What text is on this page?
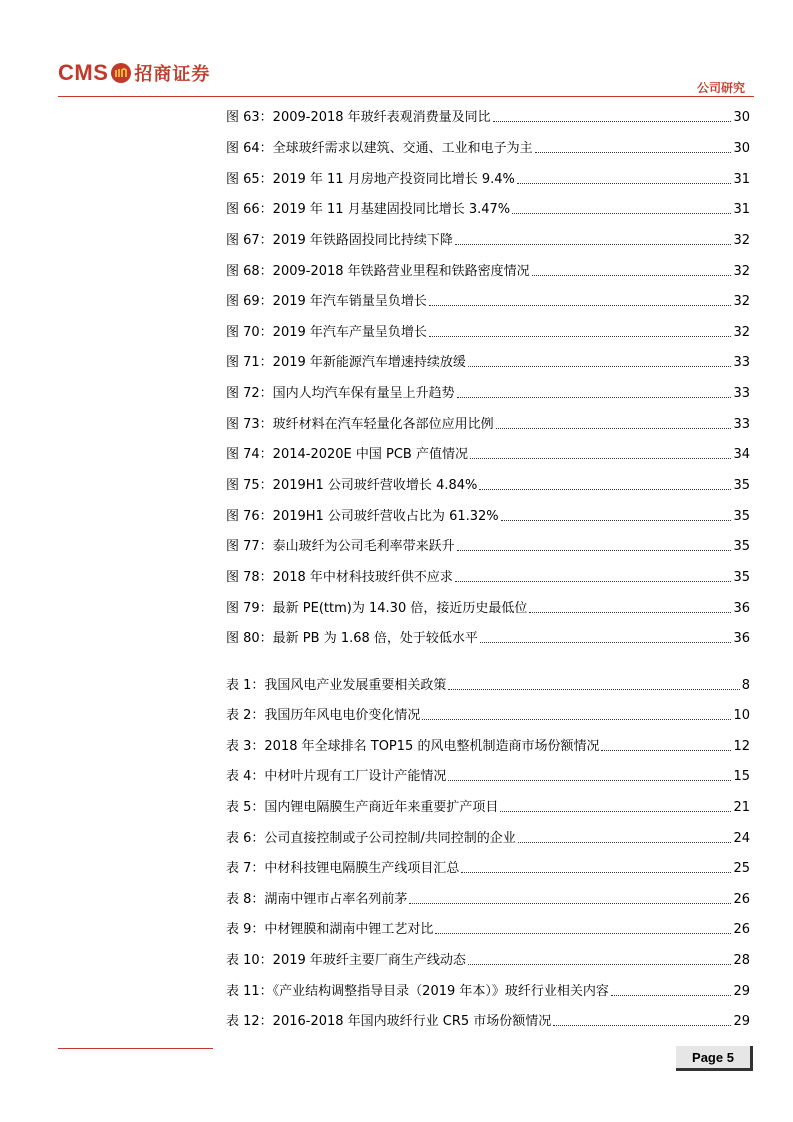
CMS 招商证券
公司研究
图 63：2009-2018 年玻纤表观消费量及同比	30
图 64：全球玻纤需求以建筑、交通、工业和电子为主	30
图 65：2019 年 11 月房地产投资同比增长 9.4%	31
图 66：2019 年 11 月基建固投同比增长 3.47%	31
图 67：2019 年铁路固投同比持续下降	32
图 68：2009-2018 年铁路营业里程和铁路密度情况	32
图 69：2019 年汽车销量呈负增长	32
图 70：2019 年汽车产量呈负增长	32
图 71：2019 年新能源汽车增速持续放缓	33
图 72：国内人均汽车保有量呈上升趋势	33
图 73：玻纤材料在汽车轻量化各部位应用比例	33
图 74：2014-2020E 中国 PCB 产值情况	34
图 75：2019H1 公司玻纤营收增长 4.84%	35
图 76：2019H1 公司玻纤营收占比为 61.32%	35
图 77：泰山玻纤为公司毛利率带来跃升	35
图 78：2018 年中材科技玻纤供不应求	35
图 79：最新 PE(ttm)为 14.30 倍，接近历史最低位	36
图 80：最新 PB 为 1.68 倍，处于较低水平	36
表 1：我国风电产业发展重要相关政策	8
表 2：我国历年风电电价变化情况	10
表 3：2018 年全球排名 TOP15 的风电整机制造商市场份额情况	12
表 4：中材叶片现有工厂设计产能情况	15
表 5：国内锂电隔膜生产商近年来重要扩产项目	21
表 6：公司直接控制或子公司控制/共同控制的企业	24
表 7：中材科技锂电隔膜生产线项目汇总	25
表 8：湖南中锂市占率名列前茅	26
表 9：中材锂膜和湖南中锂工艺对比	26
表 10：2019 年玻纤主要厂商生产线动态	28
表 11：《产业结构调整指导目录（2019 年本）》玻纤行业相关内容	29
表 12：2016-2018 年国内玻纤行业 CR5 市场份额情况	29
Page 5
